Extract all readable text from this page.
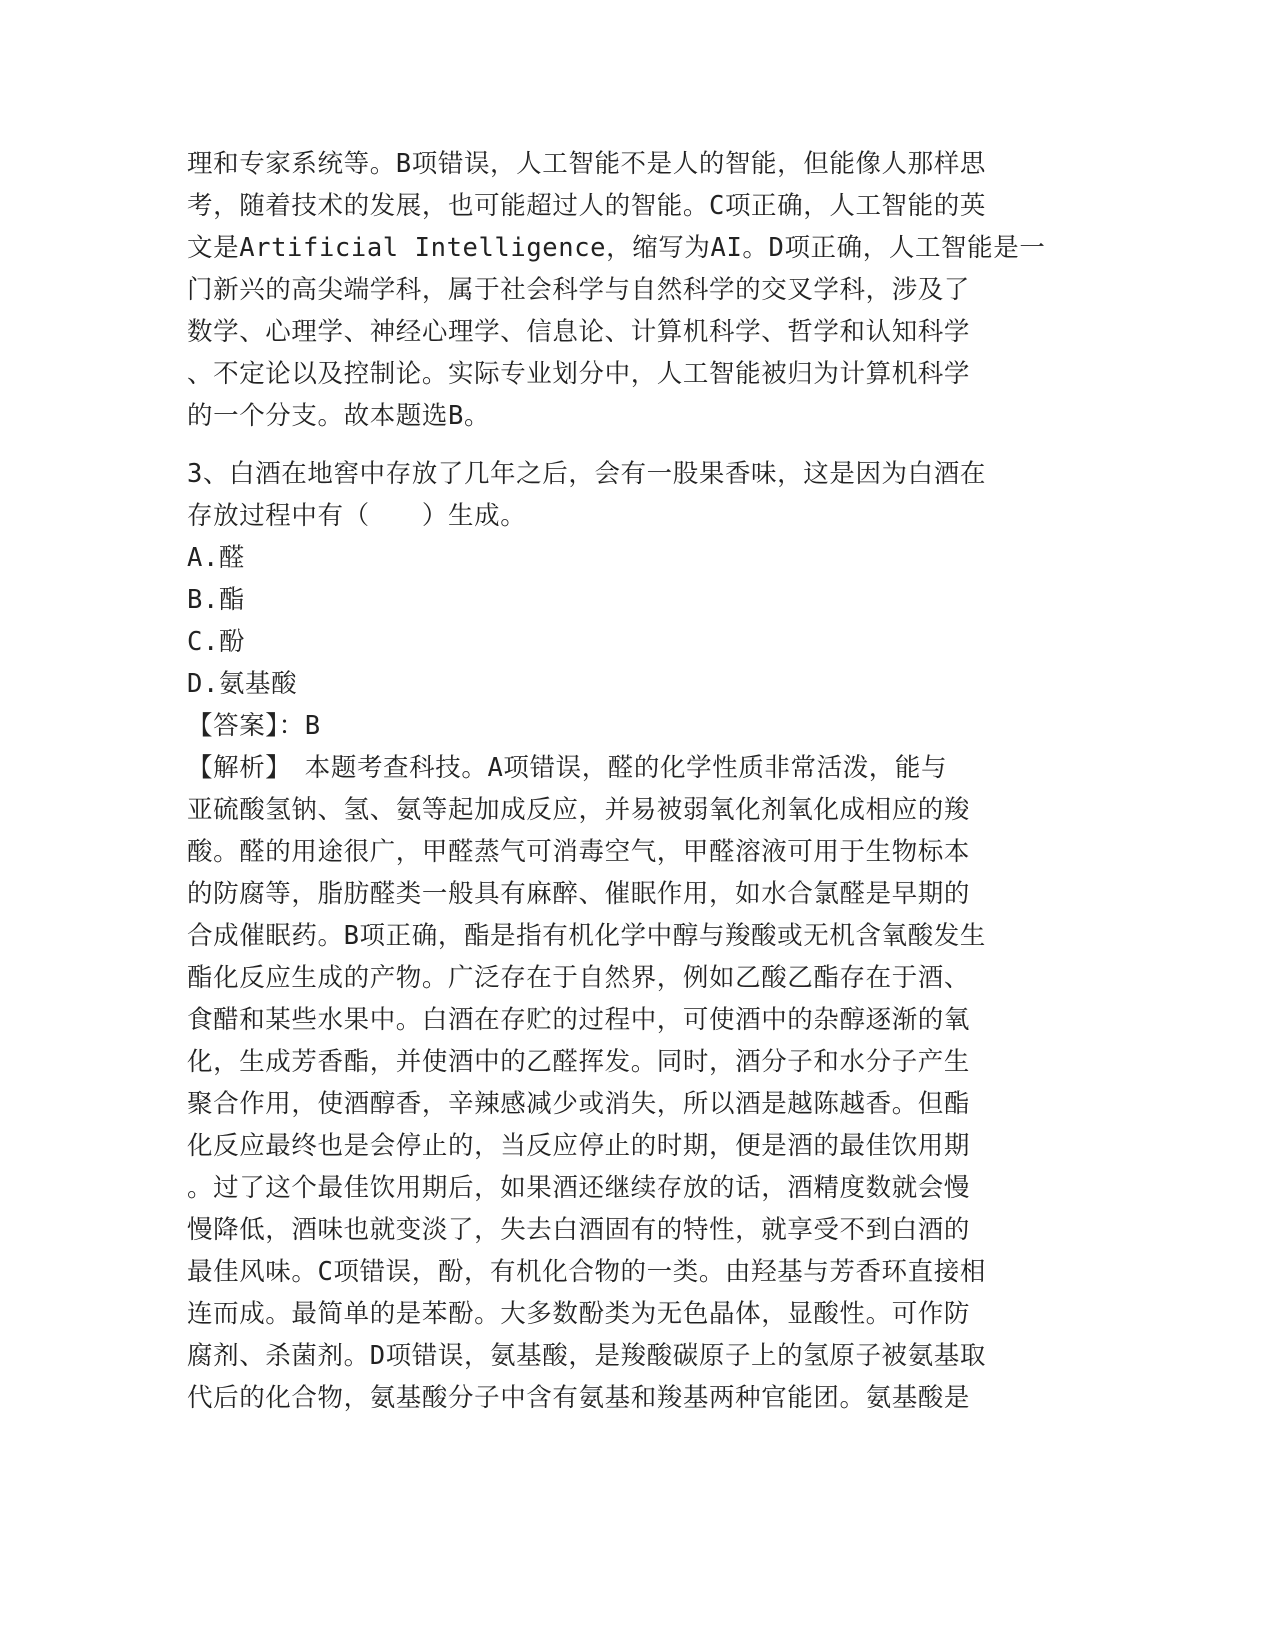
理和专家系统等。B项错误，人工智能不是人的智能，但能像人那样思
考，随着技术的发展，也可能超过人的智能。C项正确，人工智能的英
文是Artificial Intelligence，缩写为AI。D项正确，人工智能是一
门新兴的高尖端学科，属于社会科学与自然科学的交叉学科，涉及了
数学、心理学、神经心理学、信息论、计算机科学、哲学和认知科学
、不定论以及控制论。实际专业划分中，人工智能被归为计算机科学
的一个分支。故本题选B。
3、白酒在地窖中存放了几年之后，会有一股果香味，这是因为白酒在
存放过程中有（　　）生成。
A.醛
B.酯
C.酚
D.氨基酸
【答案】：B
【解析】　本题考查科技。A项错误，醛的化学性质非常活泼，能与
亚硫酸氢钠、氢、氨等起加成反应，并易被弱氧化剂氧化成相应的羧
酸。醛的用途很广，甲醛蒸气可消毒空气，甲醛溶液可用于生物标本
的防腐等，脂肪醛类一般具有麻醉、催眠作用，如水合氯醛是早期的
合成催眠药。B项正确，酯是指有机化学中醇与羧酸或无机含氧酸发生
酯化反应生成的产物。广泛存在于自然界，例如乙酸乙酯存在于酒、
食醋和某些水果中。白酒在存贮的过程中，可使酒中的杂醇逐渐的氧
化，生成芳香酯，并使酒中的乙醛挥发。同时，酒分子和水分子产生
聚合作用，使酒醇香，辛辣感减少或消失，所以酒是越陈越香。但酯
化反应最终也是会停止的，当反应停止的时期，便是酒的最佳饮用期
。过了这个最佳饮用期后，如果酒还继续存放的话，酒精度数就会慢
慢降低，酒味也就变淡了，失去白酒固有的特性，就享受不到白酒的
最佳风味。C项错误，酚，有机化合物的一类。由羟基与芳香环直接相
连而成。最简单的是苯酚。大多数酚类为无色晶体，显酸性。可作防
腐剂、杀菌剂。D项错误，氨基酸，是羧酸碳原子上的氢原子被氨基取
代后的化合物，氨基酸分子中含有氨基和羧基两种官能团。氨基酸是
